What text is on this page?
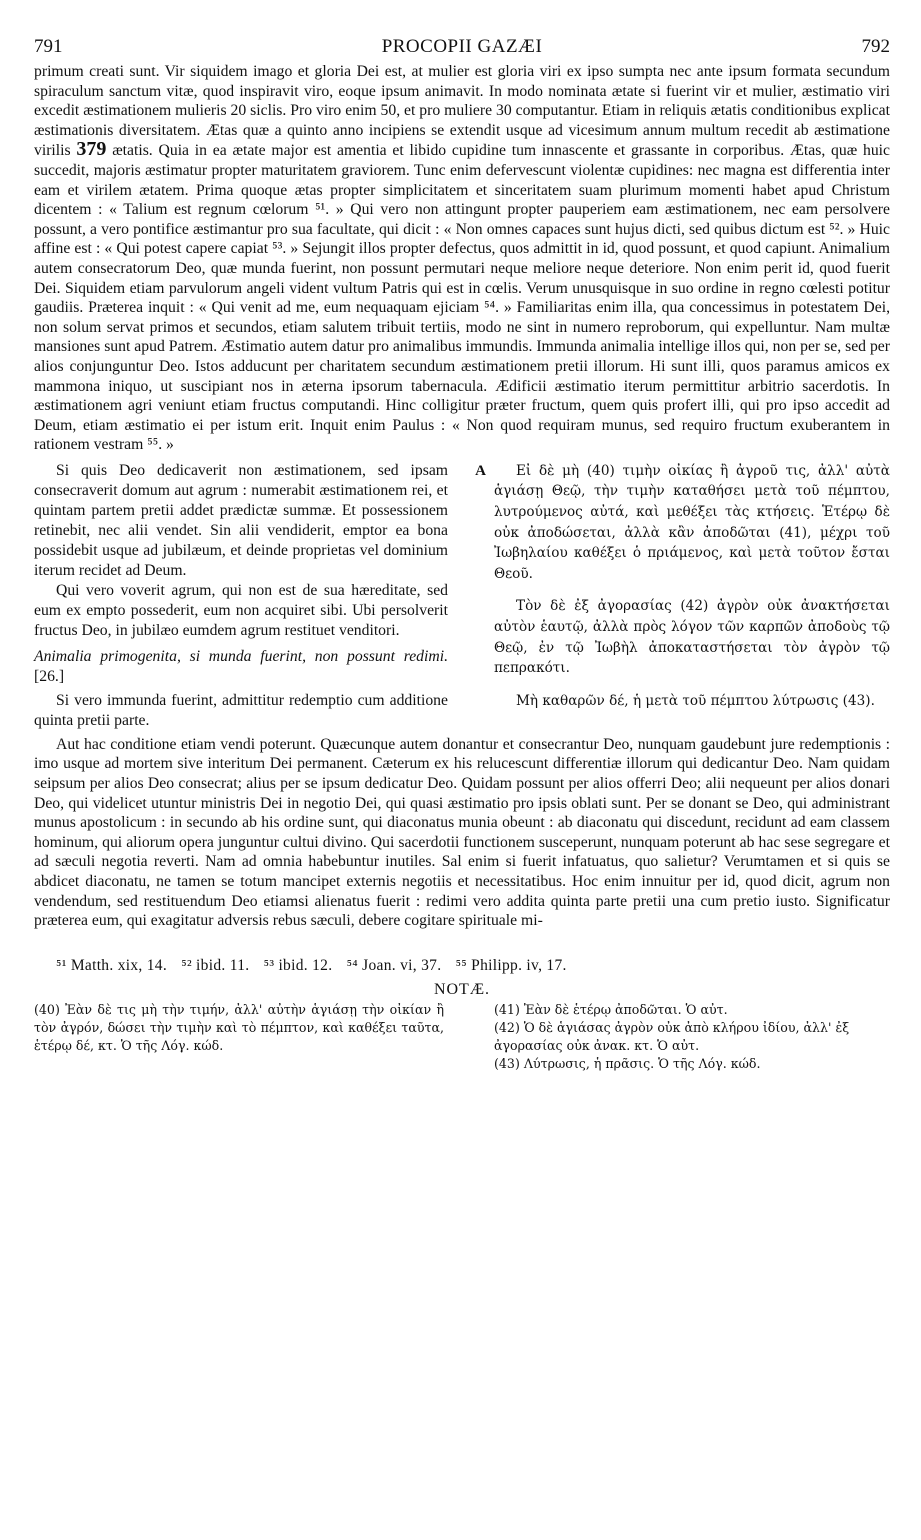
791	PROCOPII GAZÆI	792
primum creati sunt. Vir siquidem imago et gloria Dei est, at mulier est gloria viri ex ipso sumpta nec ante ipsum formata secundum spiraculum sanctum vitæ, quod inspiravit viro, eoque ipsum animavit. In modo nominata ætate si fuerint vir et mulier, æstimatio viri excedit æstimationem mulieris 20 siclis. Pro viro enim 50, et pro muliere 30 computantur. Etiam in reliquis ætatis conditionibus explicat æstimationis diversitatem. Ætas quæ a quinto anno incipiens se extendit usque ad vicesimum annum multum recedit ab æstimatione virilis 379 ætatis. Quia in ea ætate major est amentia et libido cupidine tum innascente et grassante in corporibus. Ætas, quæ huic succedit, majoris æstimatur propter maturitatem graviorem. Tunc enim defervescunt violentæ cupidines: nec magna est differentia inter eam et virilem ætatem. Prima quoque ætas propter simplicitatem et sinceritatem suam plurimum momenti habet apud Christum dicentem : « Talium est regnum cœlorum ⁵¹. » Qui vero non attingunt propter pauperiem eam æstimationem, nec eam persolvere possunt, a vero pontifice æstimantur pro sua facultate, qui dicit : « Non omnes capaces sunt hujus dicti, sed quibus dictum est ⁵². » Huic affine est : « Qui potest capere capiat ⁵³. » Sejungit illos propter defectus, quos admittit in id, quod possunt, et quod capiunt. Animalium autem consecratorum Deo, quæ munda fuerint, non possunt permutari neque meliore neque deteriore. Non enim perit id, quod fuerit Dei. Siquidem etiam parvulorum angeli vident vultum Patris qui est in cœlis. Verum unusquisque in suo ordine in regno cœlesti potitur gaudiis. Præterea inquit : « Qui venit ad me, eum nequaquam ejiciam ⁵⁴. » Familiaritas enim illa, qua concessimus in potestatem Dei, non solum servat primos et secundos, etiam salutem tribuit tertiis, modo ne sint in numero reproborum, qui expelluntur. Nam multæ mansiones sunt apud Patrem. Æstimatio autem datur pro animalibus immundis. Immunda animalia intellige illos qui, non per se, sed per alios conjunguntur Deo. Istos adducunt per charitatem secundum æstimationem pretii illorum. Hi sunt illi, quos paramus amicos ex mammona iniquo, ut suscipiant nos in æterna ipsorum tabernacula. Ædificii æstimatio iterum permittitur arbitrio sacerdotis. In æstimationem agri veniunt etiam fructus computandi. Hinc colligitur præter fructum, quem quis profert illi, qui pro ipso accedit ad Deum, etiam æstimatio ei per istum erit. Inquit enim Paulus : « Non quod requiram munus, sed requiro fructum exuberantem in rationem vestram ⁵⁵. »
A

Si quis Deo dedicaverit non æstimationem, sed ipsam consecraverit domum aut agrum : numerabit æstimationem rei, et quintam partem pretii addet prædictæ summæ. Et possessionem retinebit, nec alii vendet. Sin alii vendiderit, emptor ea bona possidebit usque ad jubilæum, et deinde proprietas vel dominium iterum recidet ad Deum.

Qui vero voverit agrum, qui non est de sua hæreditate, sed eum ex empto possederit, eum non acquiret sibi. Ubi persolverit fructus Deo, in jubilæo eumdem agrum restituet venditori.

Animalia primogenita, si munda fuerint, non possunt redimi. [26.]

Si vero immunda fuerint, admittitur redemptio cum additione quinta pretii parte.

Εἰ δὲ μὴ (40) τιμὴν οἰκίας ἢ ἀγροῦ τις, ἀλλ' αὐτὰ ἁγιάσῃ Θεῷ, τὴν τιμὴν καταθήσει μετὰ τοῦ πέμπτου, λυτρούμενος αὐτά, καὶ μεθέξει τὰς κτήσεις. Ἑτέρῳ δὲ οὐκ ἀποδώσεται, ἀλλὰ κἂν ἀποδῶται (41), μέχρι τοῦ Ἰωβηλαίου καθέξει ὁ πριάμενος, καὶ μετὰ τοῦτον ἔσται Θεοῦ.

Τὸν δὲ ἐξ ἀγορασίας (42) ἀγρὸν οὐκ ἀνακτήσεται αὐτὸν ἑαυτῷ, ἀλλὰ πρὸς λόγον τῶν καρπῶν ἀποδοὺς τῷ Θεῷ, ἐν τῷ Ἰωβὴλ ἀποκαταστήσεται τὸν ἀγρὸν τῷ πεπρακότι.

Μὴ καθαρῶν δέ, ἡ μετὰ τοῦ πέμπτου λύτρωσις (43).

Aut hac conditione etiam vendi poterunt. Quæcunque autem donantur et consecrantur Deo, nunquam gaudebunt jure redemptionis : imo usque ad mortem sive interitum Dei permanent. Cæterum ex his relucescunt differentiæ illorum qui dedicantur Deo. Nam quidam seipsum per alios Deo consecrat; alius per se ipsum dedicatur Deo. Quidam possunt per alios offerri Deo; alii nequeunt per alios donari Deo, qui videlicet utuntur ministris Dei in negotio Dei, qui quasi æstimatio pro ipsis oblati sunt. Per se donant se Deo, qui administrant munus apostolicum : in secundo ab his ordine sunt, qui diaconatus munia obeunt : ab diaconatu qui discedunt, recidunt ad eam classem hominum, qui aliorum opera junguntur cultui divino. Qui sacerdotii functionem susceperunt, nunquam poterunt ab hac sese segregare et ad sæculi negotia reverti. Nam ad omnia habebuntur inutiles. Sal enim si fuerit infatuatus, quo salietur? Verumtamen et si quis se abdicet diaconatu, ne tamen se totum mancipet externis negotiis et necessitatibus. Hoc enim innuitur per id, quod dicit, agrum non vendendum, sed restituendum Deo etiamsi alienatus fuerit : redimi vero addita quinta parte pretii una cum pretio iusto. Significatur præterea eum, qui exagitatur adversis rebus sæculi, debere cogitare spirituale mi-
⁵¹ Matth. xix, 14. ⁵² ibid. 11. ⁵³ ibid. 12. ⁵⁴ Joan. vi, 37. ⁵⁵ Philipp. iv, 17.
NOTÆ.

(40) Ἐὰν δὲ τις μὴ τὴν τιμήν, ἀλλ' αὐτὴν ἁγιάσῃ τὴν οἰκίαν ἢ τὸν ἀγρόν, δώσει τὴν τιμὴν καὶ τὸ πέμπτον, καὶ καθέξει ταῦτα, ἑτέρῳ δέ, κτ. Ὁ τῆς Λόγ. κώδ.

(41) Ἐὰν δὲ ἑτέρῳ ἀποδῶται. Ὁ αὐτ.

(42) Ὁ δὲ ἁγιάσας ἀγρὸν οὐκ ἀπὸ κλήρου ἰδίου, ἀλλ' ἐξ ἀγορασίας οὐκ ἀνακ. κτ. Ὁ αὐτ.

(43) Λύτρωσις, ἡ πρᾶσις. Ὁ τῆς Λόγ. κώδ.
